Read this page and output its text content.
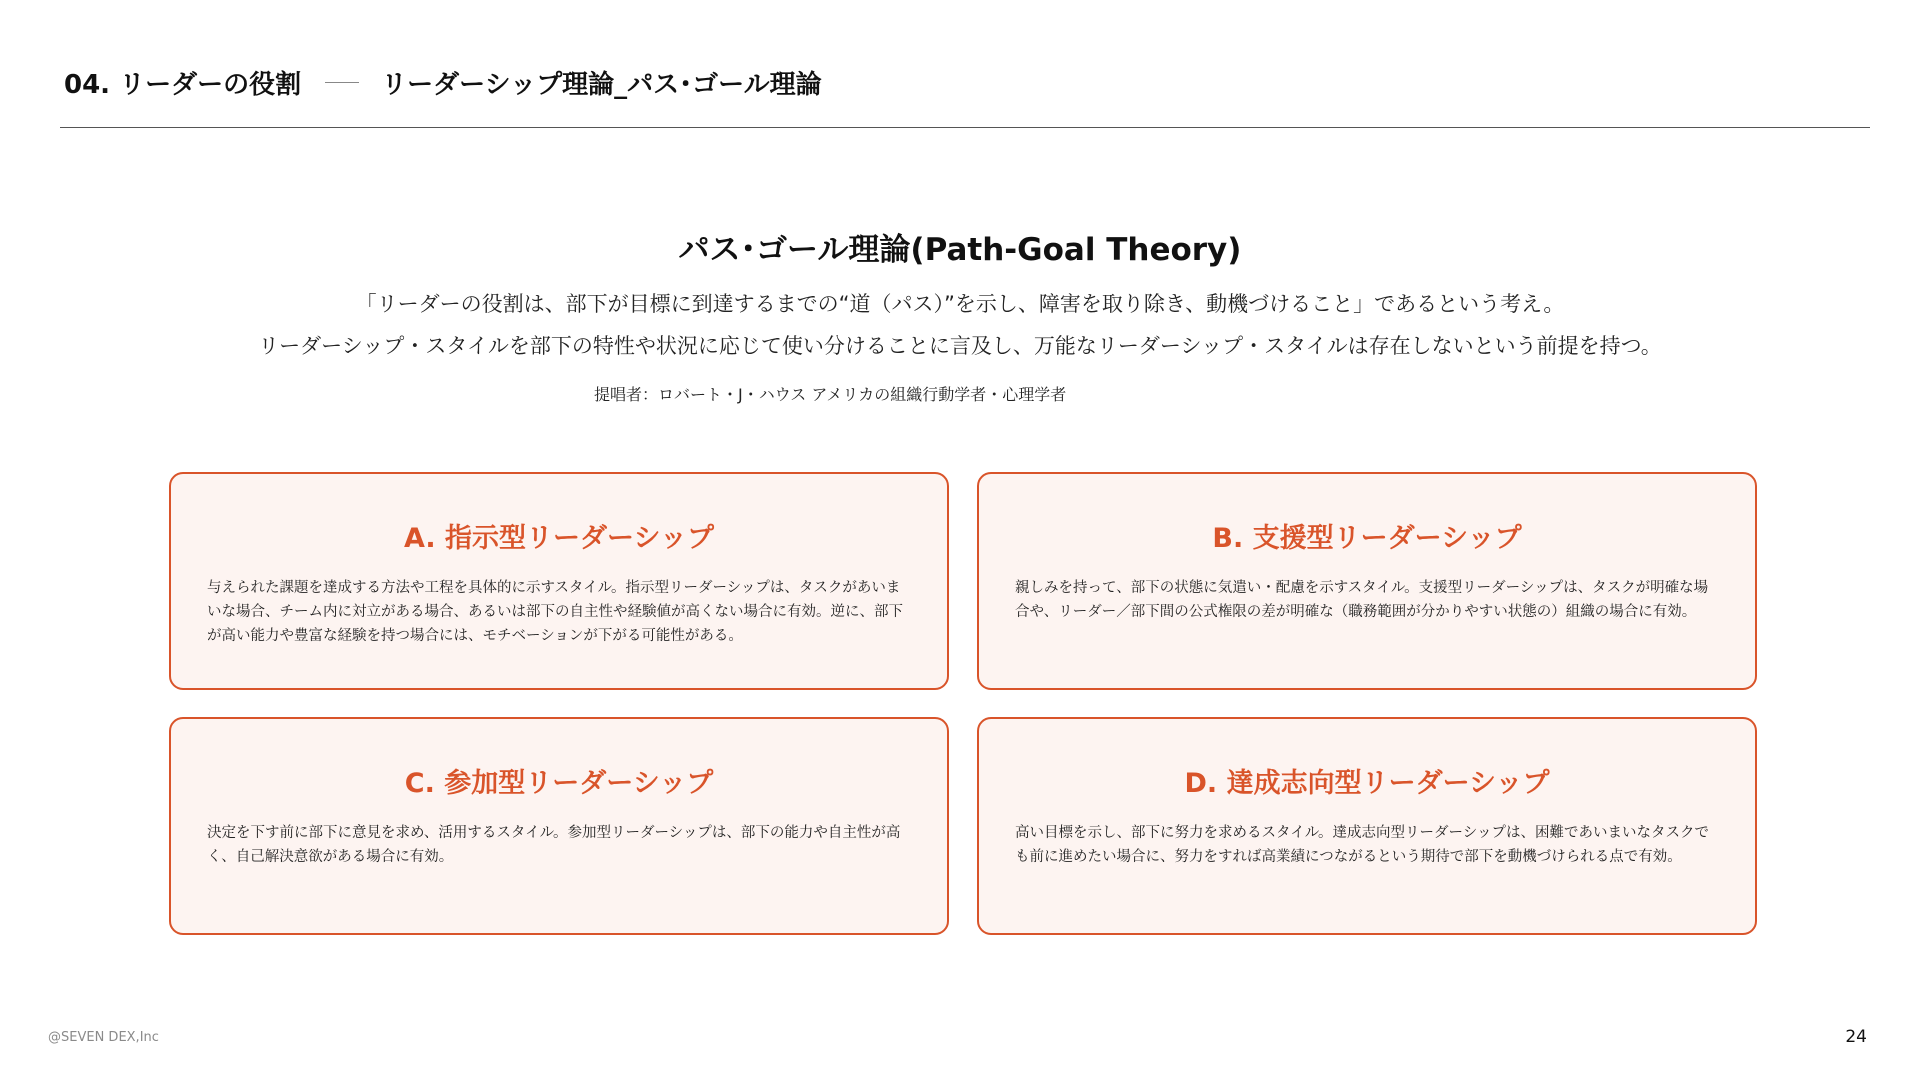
04. リーダーの役割	リーダーシップ理論_パス･ゴール理論
パス･ゴール理論(Path-Goal Theory)
「リーダーの役割は、部下が目標に到達するまでの“道（パス）”を示し、障害を取り除き、動機づけること」であるという考え。
リーダーシップ・スタイルを部下の特性や状況に応じて使い分けることに言及し、万能なリーダーシップ・スタイルは存在しないという前提を持つ。
提唱者：ロバート・J・ハウス アメリカの組織行動学者・心理学者
A. 指示型リーダーシップ
与えられた課題を達成する方法や工程を具体的に示すスタイル。指示型リーダーシップは、タスクがあいまいな場合、チーム内に対立がある場合、あるいは部下の自主性や経験値が高くない場合に有効。逆に、部下が高い能力や豊富な経験を持つ場合には、モチベーションが下がる可能性がある。
B. 支援型リーダーシップ
親しみを持って、部下の状態に気遣い・配慮を示すスタイル。支援型リーダーシップは、タスクが明確な場合や、リーダー／部下間の公式権限の差が明確な（職務範囲が分かりやすい状態の）組織の場合に有効。
C. 参加型リーダーシップ
決定を下す前に部下に意見を求め、活用するスタイル。参加型リーダーシップは、部下の能力や自主性が高く、自己解決意欲がある場合に有効。
D. 達成志向型リーダーシップ
高い目標を示し、部下に努力を求めるスタイル。達成志向型リーダーシップは、困難であいまいなタスクでも前に進めたい場合に、努力をすれば高業績につながるという期待で部下を動機づけられる点で有効。
@SEVEN DEX,Inc	24
